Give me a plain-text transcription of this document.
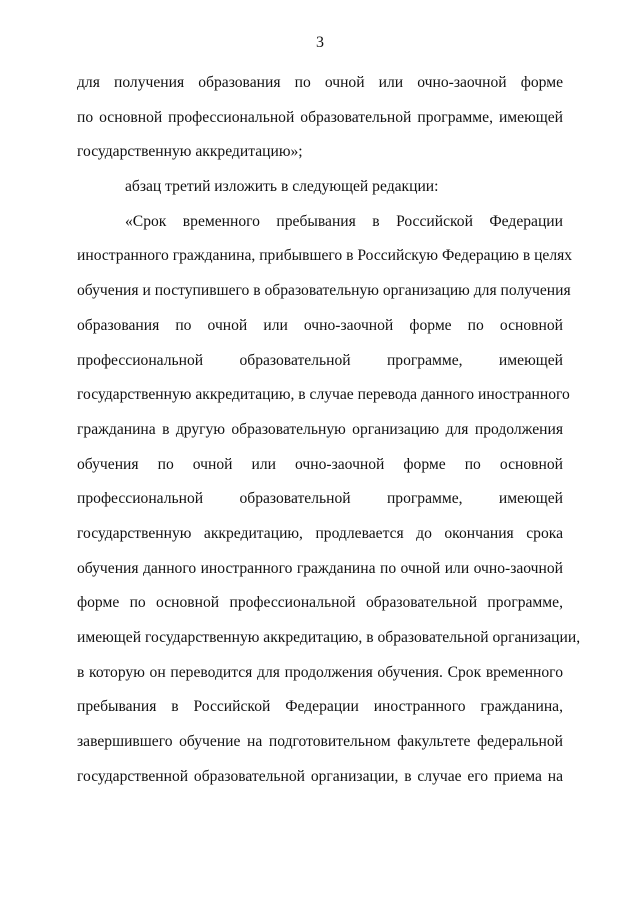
3
для получения образования по очной или очно-заочной форме
по основной профессиональной образовательной программе, имеющей
государственную аккредитацию»;
абзац третий изложить в следующей редакции:
«Срок временного пребывания в Российской Федерации
иностранного гражданина, прибывшего в Российскую Федерацию в целях
обучения и поступившего в образовательную организацию для получения
образования по очной или очно-заочной форме по основной
профессиональной образовательной программе, имеющей
государственную аккредитацию, в случае перевода данного иностранного
гражданина в другую образовательную организацию для продолжения
обучения по очной или очно-заочной форме по основной
профессиональной образовательной программе, имеющей
государственную аккредитацию, продлевается до окончания срока
обучения данного иностранного гражданина по очной или очно-заочной
форме по основной профессиональной образовательной программе,
имеющей государственную аккредитацию, в образовательной организации,
в которую он переводится для продолжения обучения. Срок временного
пребывания в Российской Федерации иностранного гражданина,
завершившего обучение на подготовительном факультете федеральной
государственной образовательной организации, в случае его приема на
